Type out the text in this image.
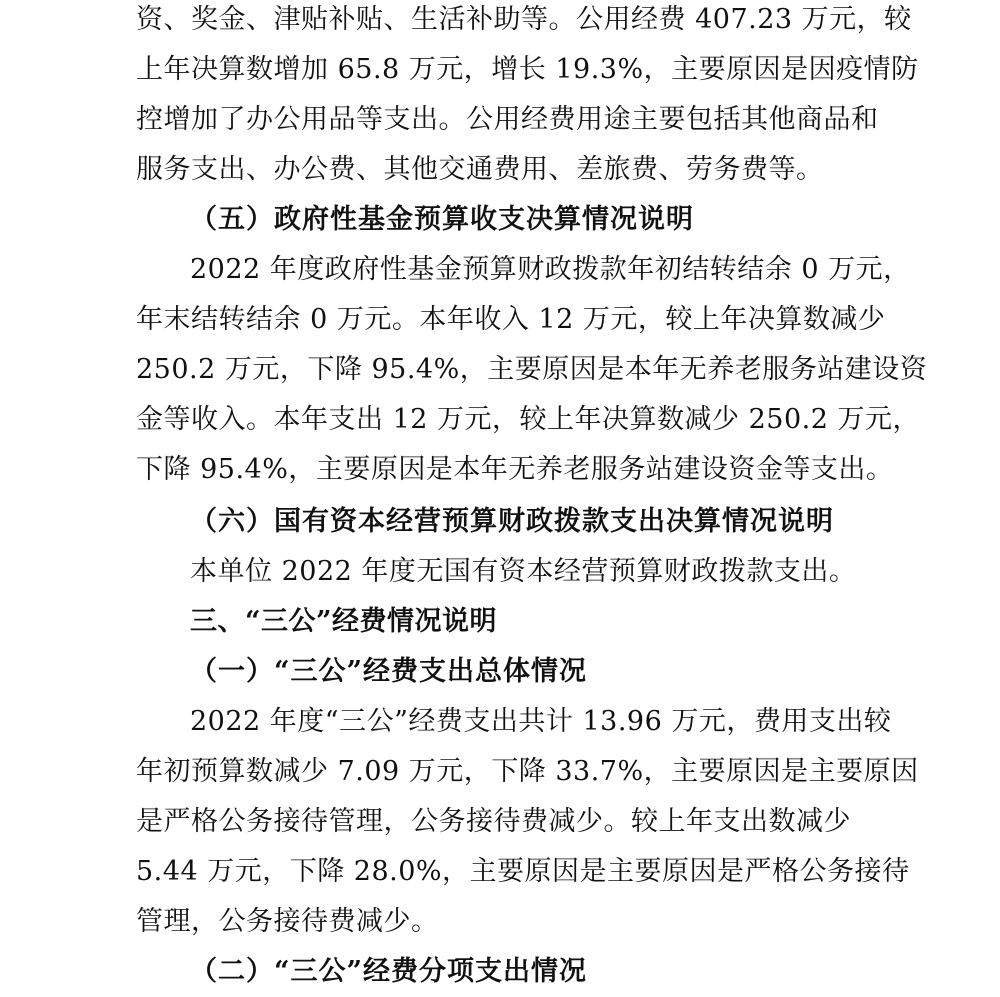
资、奖金、津贴补贴、生活补助等。公用经费 407.23 万元，较
上年决算数增加 65.8 万元，增长 19.3%，主要原因是因疫情防
控增加了办公用品等支出。公用经费用途主要包括其他商品和
服务支出、办公费、其他交通费用、差旅费、劳务费等。
（五）政府性基金预算收支决算情况说明
2022 年度政府性基金预算财政拨款年初结转结余 0 万元，
年末结转结余 0 万元。本年收入 12 万元，较上年决算数减少
250.2 万元，下降 95.4%，主要原因是本年无养老服务站建设资
金等收入。本年支出 12 万元，较上年决算数减少 250.2 万元，
下降 95.4%，主要原因是本年无养老服务站建设资金等支出。
（六）国有资本经营预算财政拨款支出决算情况说明
本单位 2022 年度无国有资本经营预算财政拨款支出。
三、“三公”经费情况说明
（一）“三公”经费支出总体情况
2022 年度“三公”经费支出共计 13.96 万元，费用支出较
年初预算数减少 7.09 万元，下降 33.7%，主要原因是主要原因
是严格公务接待管理，公务接待费减少。较上年支出数减少
5.44 万元，下降 28.0%，主要原因是主要原因是严格公务接待
管理，公务接待费减少。
（二）“三公”经费分项支出情况
